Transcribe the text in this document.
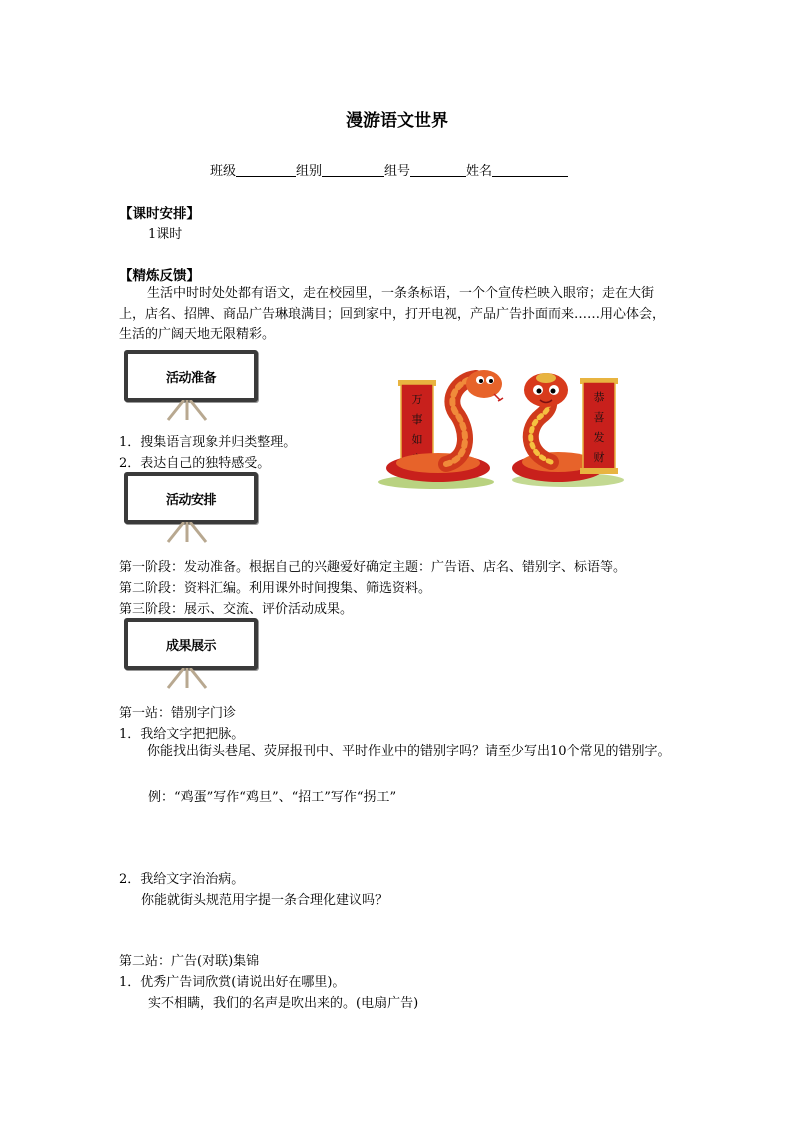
漫游语文世界
班级	组别	组号	姓名
【课时安排】
1课时
【精炼反馈】
生活中时时处处都有语文，走在校园里，一条条标语，一个个宣传栏映入眼帘；走在大街上，店名、招牌、商品广告琳琅满目；回到家中，打开电视，产品广告扑面而来……用心体会，生活的广阔天地无限精彩。
活动准备
1．搜集语言现象并归类整理。
2．表达自己的独特感受。
活动安排
第一阶段：发动准备。根据自己的兴趣爱好确定主题：广告语、店名、错别字、标语等。
第二阶段：资料汇编。利用课外时间搜集、筛选资料。
第三阶段：展示、交流、评价活动成果。
成果展示
第一站：错别字门诊
1．我给文字把把脉。
你能找出街头巷尾、荧屏报刊中、平时作业中的错别字吗？请至少写出10个常见的错别字。
例：“鸡蛋”写作“鸡旦”、“招工”写作“拐工”
2．我给文字治治病。
你能就街头规范用字提一条合理化建议吗？
第二站：广告(对联)集锦
1．优秀广告词欣赏(请说出好在哪里)。
实不相瞒，我们的名声是吹出来的。(电扇广告)
万
事
如
恭
喜
发
财
